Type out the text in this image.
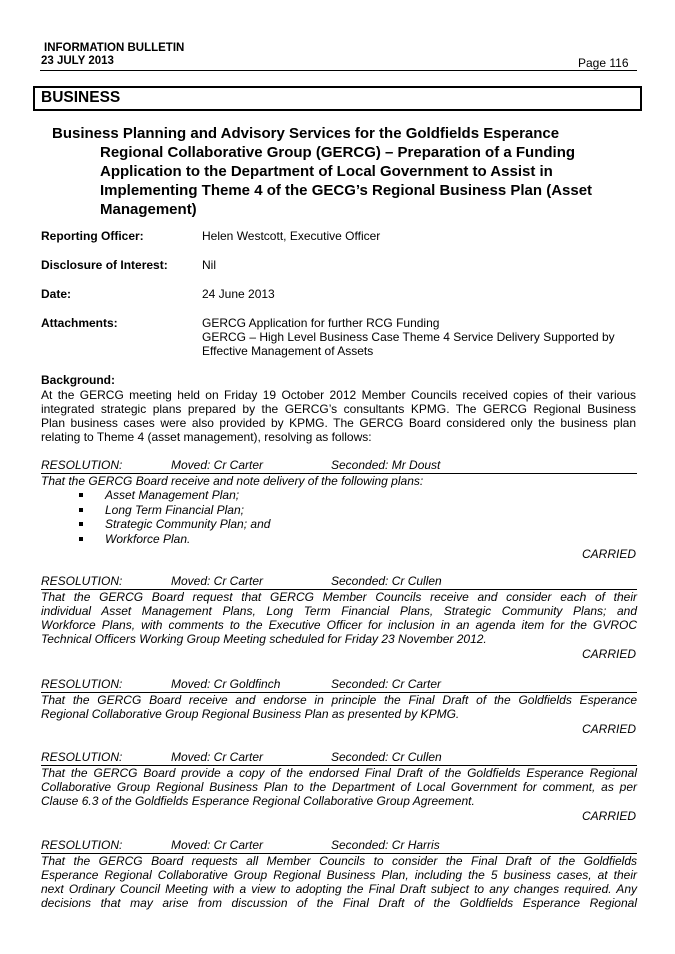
INFORMATION BULLETIN
23 JULY 2013	Page 116
BUSINESS
Business Planning and Advisory Services for the Goldfields Esperance
Regional Collaborative Group (GERCG) – Preparation of a Funding
Application to the Department of Local Government to Assist in
Implementing Theme 4 of the GECG’s Regional Business Plan (Asset
Management)
Reporting Officer:	Helen Westcott, Executive Officer
Disclosure of Interest:	Nil
Date:	24 June 2013
Attachments:	GERCG Application for further RCG Funding
GERCG – High Level Business Case Theme 4 Service Delivery Supported by
Effective Management of Assets
Background:
At the GERCG meeting held on Friday 19 October 2012 Member Councils received copies of their various
integrated strategic plans prepared by the GERCG’s consultants KPMG. The GERCG Regional Business
Plan business cases were also provided by KPMG. The GERCG Board considered only the business plan
relating to Theme 4 (asset management), resolving as follows:
RESOLUTION:	Moved: Cr Carter	Seconded: Mr Doust
That the GERCG Board receive and note delivery of the following plans:
Asset Management Plan;
Long Term Financial Plan;
Strategic Community Plan; and
Workforce Plan.
CARRIED
RESOLUTION:	Moved: Cr Carter	Seconded: Cr Cullen
That the GERCG Board request that GERCG Member Councils receive and consider each of their
individual Asset Management Plans, Long Term Financial Plans, Strategic Community Plans; and
Workforce Plans, with comments to the Executive Officer for inclusion in an agenda item for the GVROC
Technical Officers Working Group Meeting scheduled for Friday 23 November 2012.
CARRIED
RESOLUTION:	Moved: Cr Goldfinch	Seconded: Cr Carter
That the GERCG Board receive and endorse in principle the Final Draft of the Goldfields Esperance
Regional Collaborative Group Regional Business Plan as presented by KPMG.
CARRIED
RESOLUTION:	Moved: Cr Carter	Seconded: Cr Cullen
That the GERCG Board provide a copy of the endorsed Final Draft of the Goldfields Esperance Regional
Collaborative Group Regional Business Plan to the Department of Local Government for comment, as per
Clause 6.3 of the Goldfields Esperance Regional Collaborative Group Agreement.
CARRIED
RESOLUTION:	Moved: Cr Carter	Seconded: Cr Harris
That the GERCG Board requests all Member Councils to consider the Final Draft of the Goldfields
Esperance Regional Collaborative Group Regional Business Plan, including the 5 business cases, at their
next Ordinary Council Meeting with a view to adopting the Final Draft subject to any changes required. Any
decisions that may arise from discussion of the Final Draft of the Goldfields Esperance Regional
